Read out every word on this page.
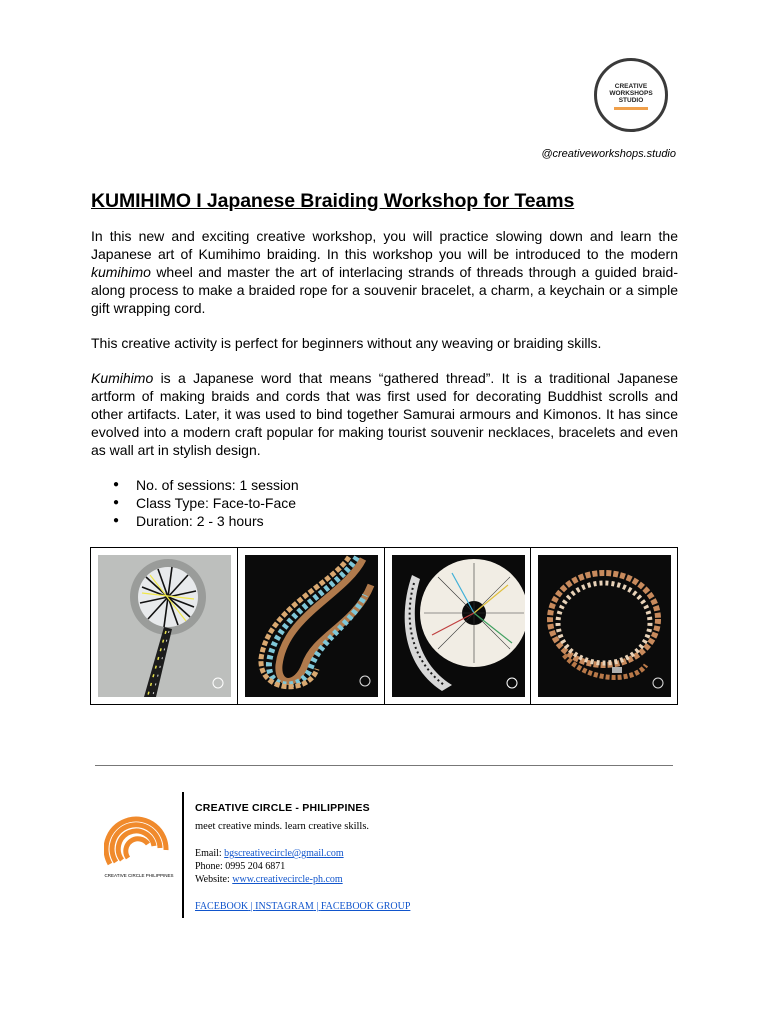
CREATIVE
WORKSHOPS
STUDIO
@creativeworkshops.studio
KUMIHIMO I Japanese Braiding Workshop for Teams

In this new and exciting creative workshop, you will practice slowing down and learn the Japanese art of Kumihimo braiding. In this workshop you will be introduced to the modern kumihimo wheel and master the art of interlacing strands of threads through a guided braid-along process to make a braided rope for a souvenir bracelet, a charm, a keychain or a simple gift wrapping cord.

This creative activity is perfect for beginners without any weaving or braiding skills.

Kumihimo is a Japanese word that means “gathered thread”. It is a traditional Japanese artform of making braids and cords that was first used for decorating Buddhist scrolls and other artifacts. Later, it was used to bind together Samurai armours and Kimonos. It has since evolved into a modern craft popular for making tourist souvenir necklaces, bracelets and even as wall art in stylish design.

● No. of sessions: 1 session
● Class Type: Face-to-Face
● Duration: 2 - 3 hours
CREATIVE CIRCLE PHILIPPINES
CREATIVE CIRCLE - PHILIPPINES
meet creative minds. learn creative skills.
Email: bgscreativecircle@gmail.com
Phone: 0995 204 6871
Website: www.creativecircle-ph.com
FACEBOOK | INSTAGRAM | FACEBOOK GROUP
